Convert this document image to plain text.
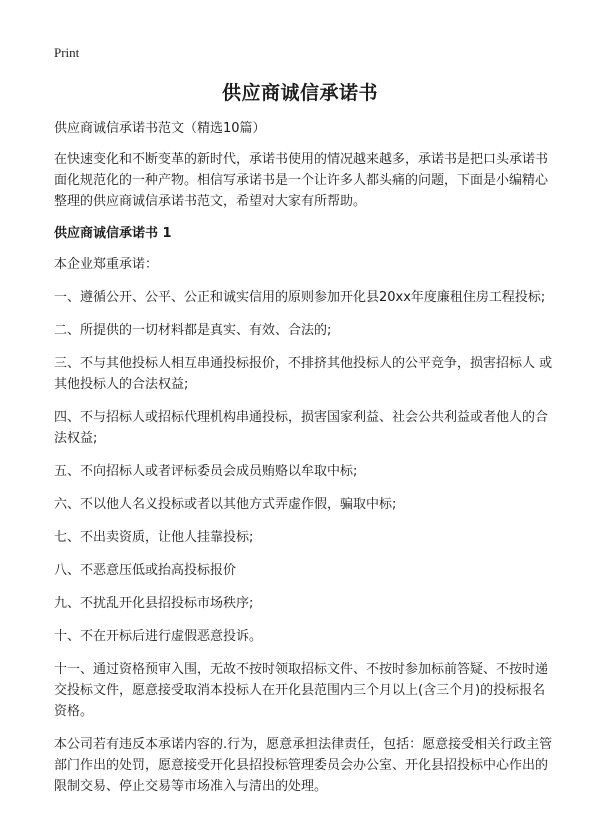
Print
供应商诚信承诺书

供应商诚信承诺书范文（精选10篇）

在快速变化和不断变革的新时代，承诺书使用的情况越来越多，承诺书是把口头承诺书面化规范化的一种产物。相信写承诺书是一个让许多人都头痛的问题，下面是小编精心整理的供应商诚信承诺书范文，希望对大家有所帮助。

供应商诚信承诺书 1

本企业郑重承诺：

一、遵循公开、公平、公正和诚实信用的原则参加开化县20xx年度廉租住房工程投标;

二、所提供的一切材料都是真实、有效、合法的;

三、不与其他投标人相互串通投标报价，不排挤其他投标人的公平竞争，损害招标人 或其他投标人的合法权益;

四、不与招标人或招标代理机构串通投标，损害国家利益、社会公共利益或者他人的合法权益;

五、不向招标人或者评标委员会成员贿赂以牟取中标;

六、不以他人名义投标或者以其他方式弄虚作假，骗取中标;

七、不出卖资质，让他人挂靠投标;

八、不恶意压低或抬高投标报价

九、不扰乱开化县招投标市场秩序;

十、不在开标后进行虚假恶意投诉。

十一、通过资格预审入围，无故不按时领取招标文件、不按时参加标前答疑、不按时递交投标文件，愿意接受取消本投标人在开化县范围内三个月以上(含三个月)的投标报名资格。

本公司若有违反本承诺内容的.行为，愿意承担法律责任，包括：愿意接受相关行政主管部门作出的处罚，愿意接受开化县招投标管理委员会办公室、开化县招投标中心作出的限制交易、停止交易等市场准入与清出的处理。
